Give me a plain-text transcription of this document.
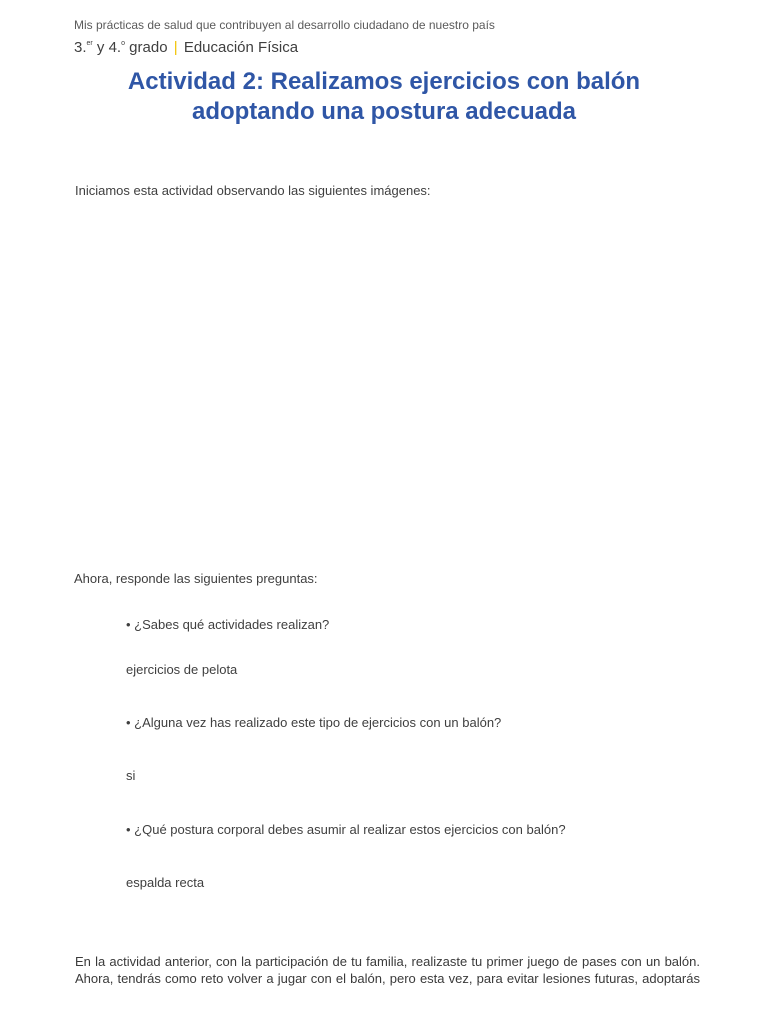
Mis prácticas de salud que contribuyen al desarrollo ciudadano de nuestro país
3.$^{er}$ y 4.$^o$ grado | Educación Física
Actividad 2: Realizamos ejercicios con balón
adoptando una postura adecuada
Iniciamos esta actividad observando las siguientes imágenes:
Ahora, responde las siguientes preguntas:
• ¿Sabes qué actividades realizan?
ejercicios de pelota
• ¿Alguna vez has realizado este tipo de ejercicios con un balón?
si
• ¿Qué postura corporal debes asumir al realizar estos ejercicios con balón?
espalda recta
En la actividad anterior, con la participación de tu familia, realizaste tu primer juego de pases con un balón.
Ahora, tendrás como reto volver a jugar con el balón, pero esta vez, para evitar lesiones futuras, adoptarás
